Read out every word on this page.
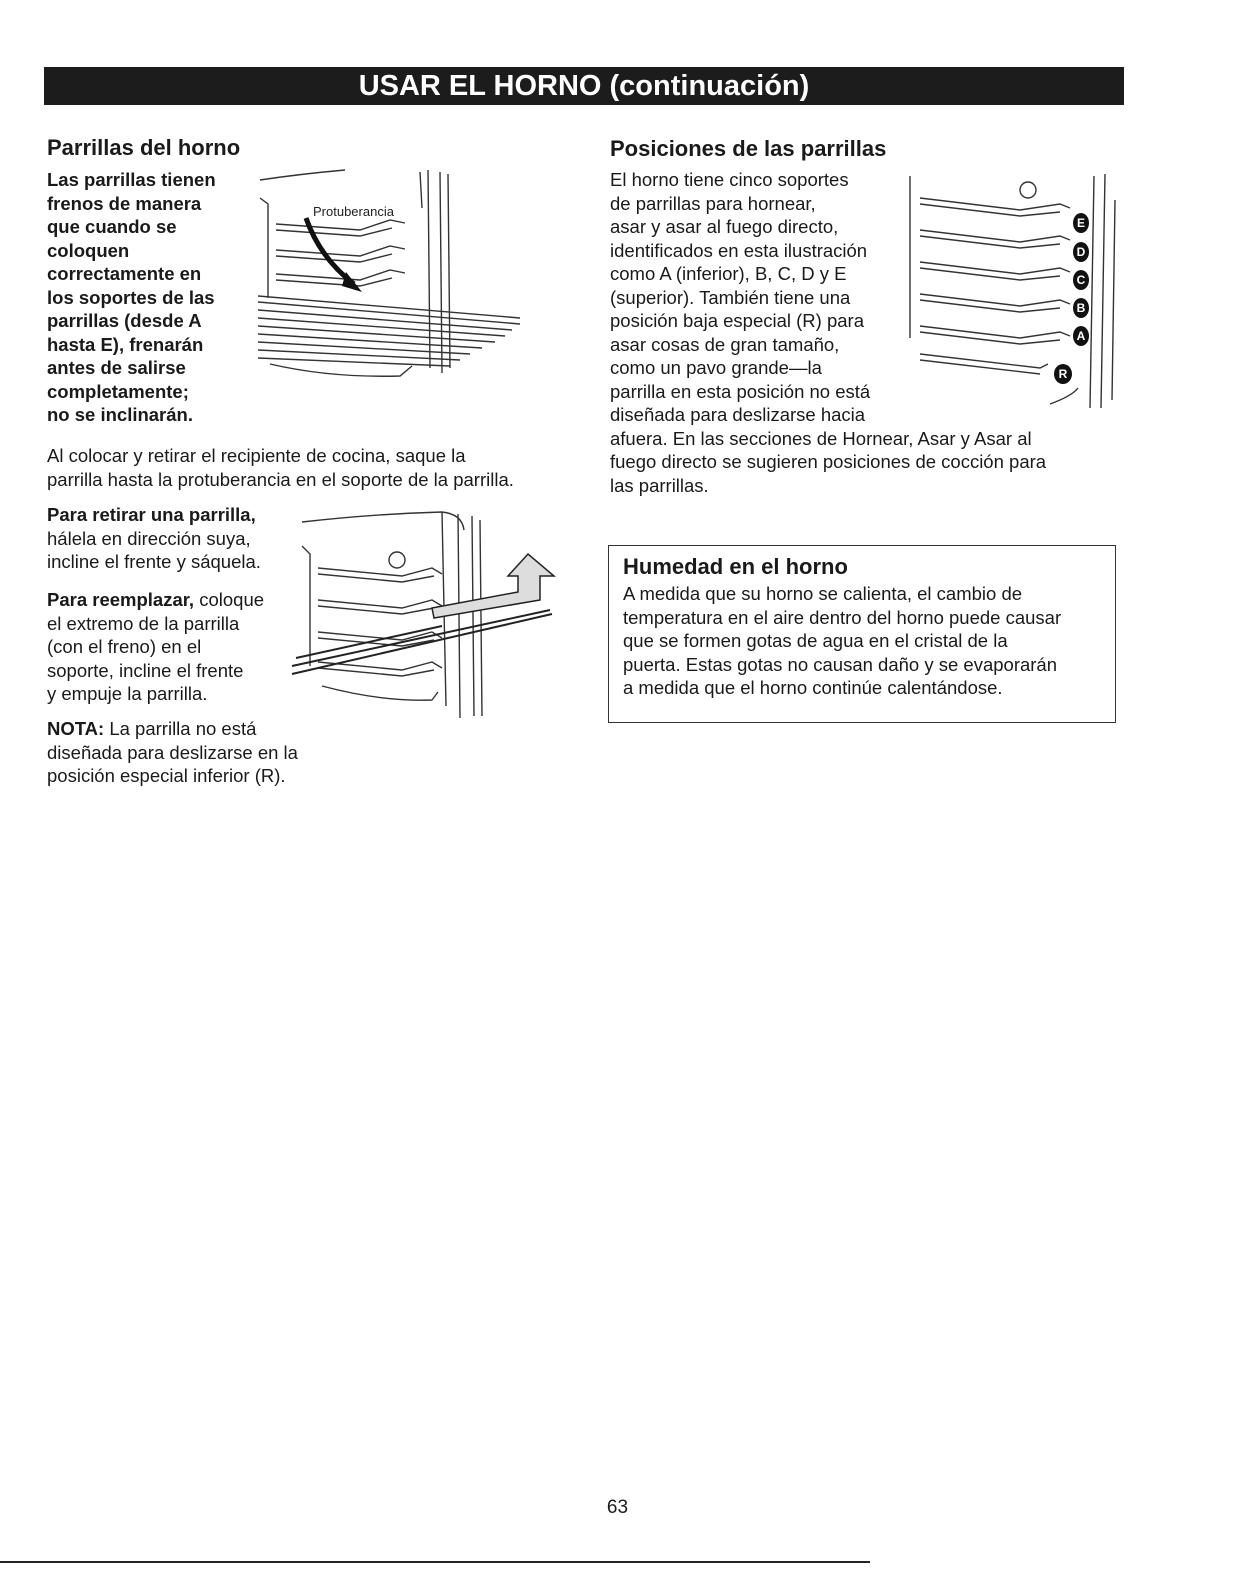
USAR EL HORNO (continuación)
Parrillas del horno
Las parrillas tienen
frenos de manera
que cuando se
coloquen
correctamente en
los soportes de las
parrillas (desde A
hasta E), frenarán
antes de salirse
completamente;
no se inclinarán.
Protuberancia
Al colocar y retirar el recipiente de cocina, saque la
parrilla hasta la protuberancia en el soporte de la parrilla.
Para retirar una parrilla,
hálela en dirección suya,
incline el frente y sáquela.
Para reemplazar, coloque
el extremo de la parrilla
(con el freno) en el
soporte, incline el frente
y empuje la parrilla.
NOTA: La parrilla no está
diseñada para deslizarse en la
posición especial inferior (R).
Posiciones de las parrillas
El horno tiene cinco soportes
de parrillas para hornear,
asar y asar al fuego directo,
identificados en esta ilustración
como A (inferior), B, C, D y E
(superior). También tiene una
posición baja especial (R) para
asar cosas de gran tamaño,
como un pavo grande—la
parrilla en esta posición no está
diseñada para deslizarse hacia
afuera. En las secciones de Hornear, Asar y Asar al
fuego directo se sugieren posiciones de cocción para
las parrillas.
E
D
C
B
A
R
Humedad en el horno
A medida que su horno se calienta, el cambio de
temperatura en el aire dentro del horno puede causar
que se formen gotas de agua en el cristal de la
puerta. Estas gotas no causan daño y se evaporarán
a medida que el horno continúe calentándose.
63
